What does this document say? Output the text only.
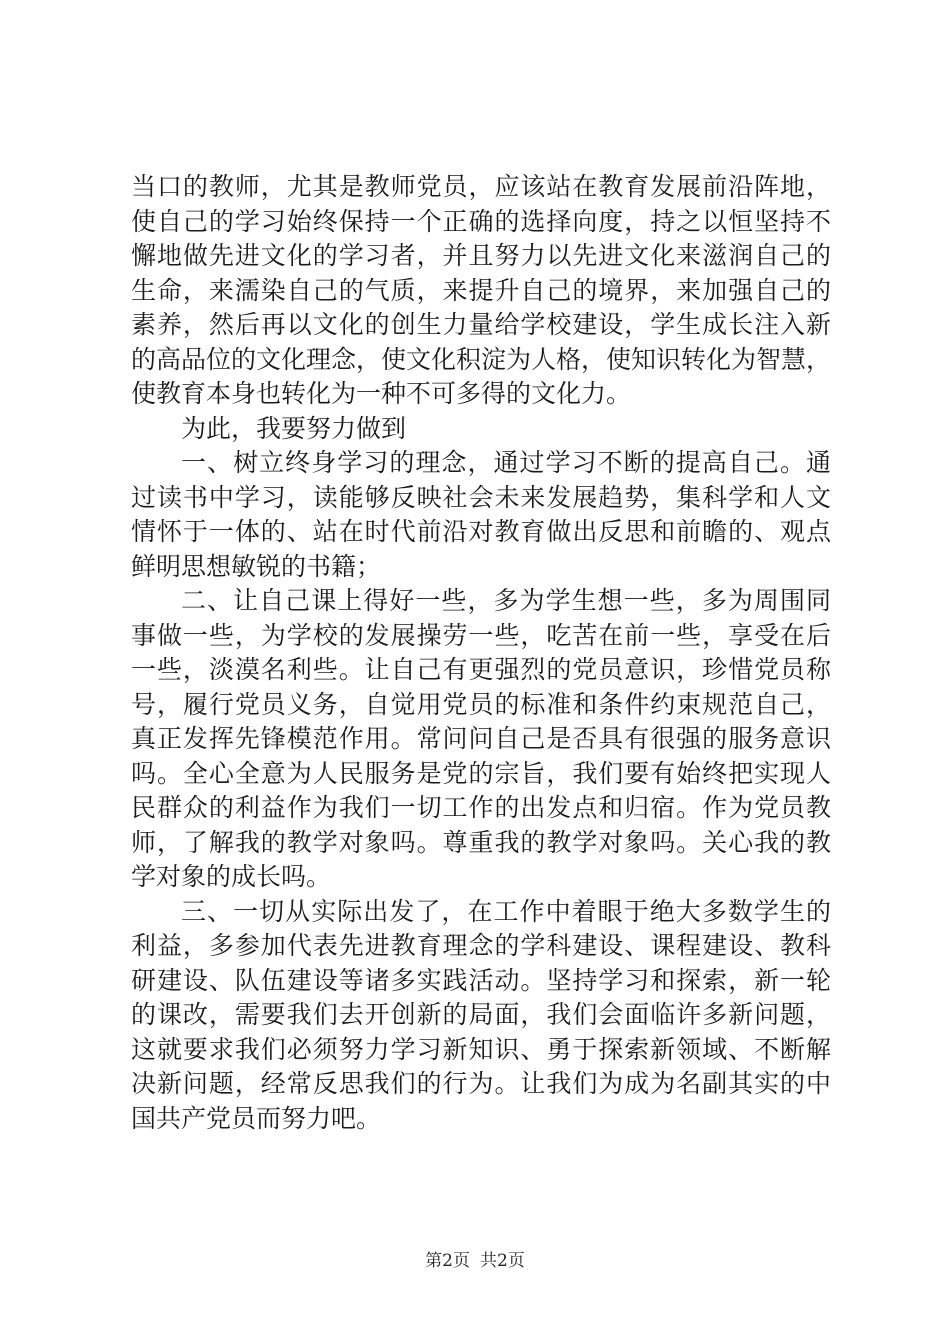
当口的教师，尤其是教师党员，应该站在教育发展前沿阵地，
使自己的学习始终保持一个正确的选择向度，持之以恒坚持不
懈地做先进文化的学习者，并且努力以先进文化来滋润自己的
生命，来濡染自己的气质，来提升自己的境界，来加强自己的
素养，然后再以文化的创生力量给学校建设，学生成长注入新
的高品位的文化理念，使文化积淀为人格，使知识转化为智慧，
使教育本身也转化为一种不可多得的文化力。
为此，我要努力做到
一、树立终身学习的理念，通过学习不断的提高自己。通
过读书中学习，读能够反映社会未来发展趋势，集科学和人文
情怀于一体的、站在时代前沿对教育做出反思和前瞻的、观点
鲜明思想敏锐的书籍；
二、让自己课上得好一些，多为学生想一些，多为周围同
事做一些，为学校的发展操劳一些，吃苦在前一些，享受在后
一些，淡漠名利些。让自己有更强烈的党员意识，珍惜党员称
号，履行党员义务，自觉用党员的标准和条件约束规范自己，
真正发挥先锋模范作用。常问问自己是否具有很强的服务意识
吗。全心全意为人民服务是党的宗旨，我们要有始终把实现人
民群众的利益作为我们一切工作的出发点和归宿。作为党员教
师，了解我的教学对象吗。尊重我的教学对象吗。关心我的教
学对象的成长吗。
三、一切从实际出发了，在工作中着眼于绝大多数学生的
利益，多参加代表先进教育理念的学科建设、课程建设、教科
研建设、队伍建设等诸多实践活动。坚持学习和探索，新一轮
的课改，需要我们去开创新的局面，我们会面临许多新问题，
这就要求我们必须努力学习新知识、勇于探索新领域、不断解
决新问题，经常反思我们的行为。让我们为成为名副其实的中
国共产党员而努力吧。
第2页 共2页
